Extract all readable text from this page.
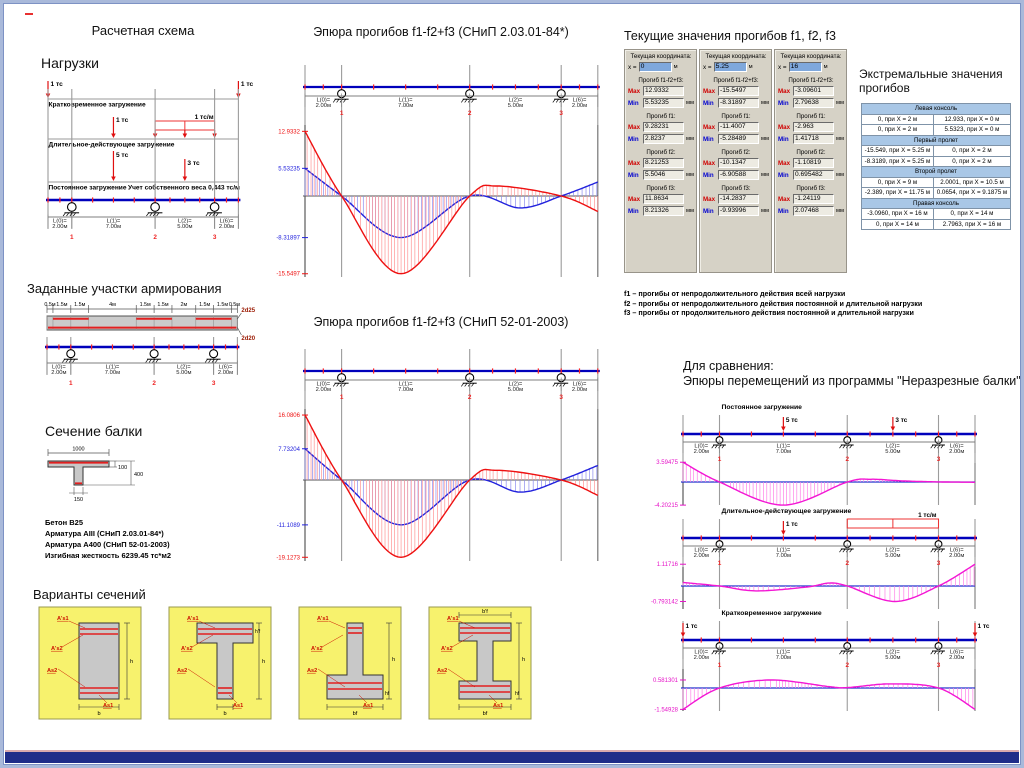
Расчетная схема
Нагрузки
Кратковременное загружение
Длительное-действующее загружение
Постоянное загружение Учет собственного веса 0,443 тс/м
1 тс	1 тс
1 тс	1 тс/м
5 тс
3 тс
L(0)=
2.00м
L(1)=
7.00м
L(2)=
5.00м
L(6)=
2.00м
1	2	3
Заданные участки армирования
0.5м 1.5м 1.5м	4м	1.5м 1.5м 2м 1.5м 1.5м 0.5м
2d25
2d20
L(0)=
2.00м
L(1)=
7.00м
L(2)=
5.00м
L(6)=
2.00м
1	2	3
Сечение балки
1000
100
400
150
Бетон B25
Арматура AIII (СНиП 2.03.01-84*)
Арматура A400 (СНиП 52-01-2003)
Изгибная жесткость 6239.45 тс*м2
Варианты сечений
h
b
A's1
A's2
As2
As1
h
h'f
b
A's1
A's2
As2
As1
h
hf
bf
A's1
A's2
As2
As1
b'f
h
hf
bf
A's1
A's2
As2
As1
Эпюра прогибов f1-f2+f3 (СНиП 2.03.01-84*)
L(0)=
2.00м
L(1)=
7.00м
L(2)=
5.00м
L(6)=
2.00м
1	2	3
12.9332
5.53235
-8.31897
-15.5497
Эпюра прогибов f1-f2+f3 (СНиП 52-01-2003)
L(0)=
2.00м
L(1)=
7.00м
L(2)=
5.00м
L(6)=
2.00м
1	2	3
16.0806
7.73204
-11.1089
-19.1273
Текущие значения прогибов f1, f2, f3
Текущая координата:
x = 0	м
Прогиб f1-f2+f3:
Max 12.9332
Min 5.53235	мм
Прогиб f1:
Max 9.28231
Min 2.8237	мм
Прогиб f2:
Max 8.21253
Min 5.5046	мм
Прогиб f3:
Max 11.8634
Min 8.21326	мм
Текущая координата:
x = 5.25	м
Прогиб f1-f2+f3:
Max -15.5497
Min -8.31897	мм
Прогиб f1:
Max -11.4007
Min -5.28489	мм
Прогиб f2:
Max -10.1347
Min -6.90588	мм
Прогиб f3:
Max -14.2837
Min -9.93996	мм
Текущая координата:
x = 16	м
Прогиб f1-f2+f3:
Max -3.09601
Min 2.79638	мм
Прогиб f1:
Max -2.963
Min 1.41718	мм
Прогиб f2:
Max -1.10819
Min 0.695482	мм
Прогиб f3:
Max -1.24119
Min 2.07468	мм
Экстремальные значения прогибов
Левая консоль	
0, при X = 2 м	12.933, при X = 0 м
0, при X = 2 м	5.5323, при X = 0 м
Первый пролет	
-15.549, при X = 5.25 м	0, при X = 2 м
-8.3189, при X = 5.25 м	0, при X = 2 м
Второй пролет	
0, при X = 9 м	2.0001, при X = 10.5 м
-2.389, при X = 11.75 м	0.0654, при X = 9.1875 м
Правая консоль	
-3.0960, при X = 16 м	0, при X = 14 м
0, при X = 14 м	2.7963, при X = 16 м
f1 – прогибы от непродолжительного действия всей нагрузки
f2 – прогибы от непродолжительного действия постоянной и длительной нагрузки
f3 – прогибы от продолжительного действия постоянной и длительной нагрузки
Для сравнения:
Эпюры перемещений из программы "Неразрезные балки"
L(0)=
2.00м
L(1)=
7.00м
L(2)=
5.00м
L(6)=
2.00м
1	2	3
Постоянное загружение
5 тс	3 тс
3.59475
-4.20215
L(0)=
2.00м
L(1)=
7.00м
L(2)=
5.00м
L(6)=
2.00м
1	2	3
Длительное-действующее загружение
1 тс
1 тс/м
1.11716
-0.793142
L(0)=
2.00м
L(1)=
7.00м
L(2)=
5.00м
L(6)=
2.00м
1	2	3
Кратковременное загружение
1 тс	1 тс
0.581301
-1.54928
